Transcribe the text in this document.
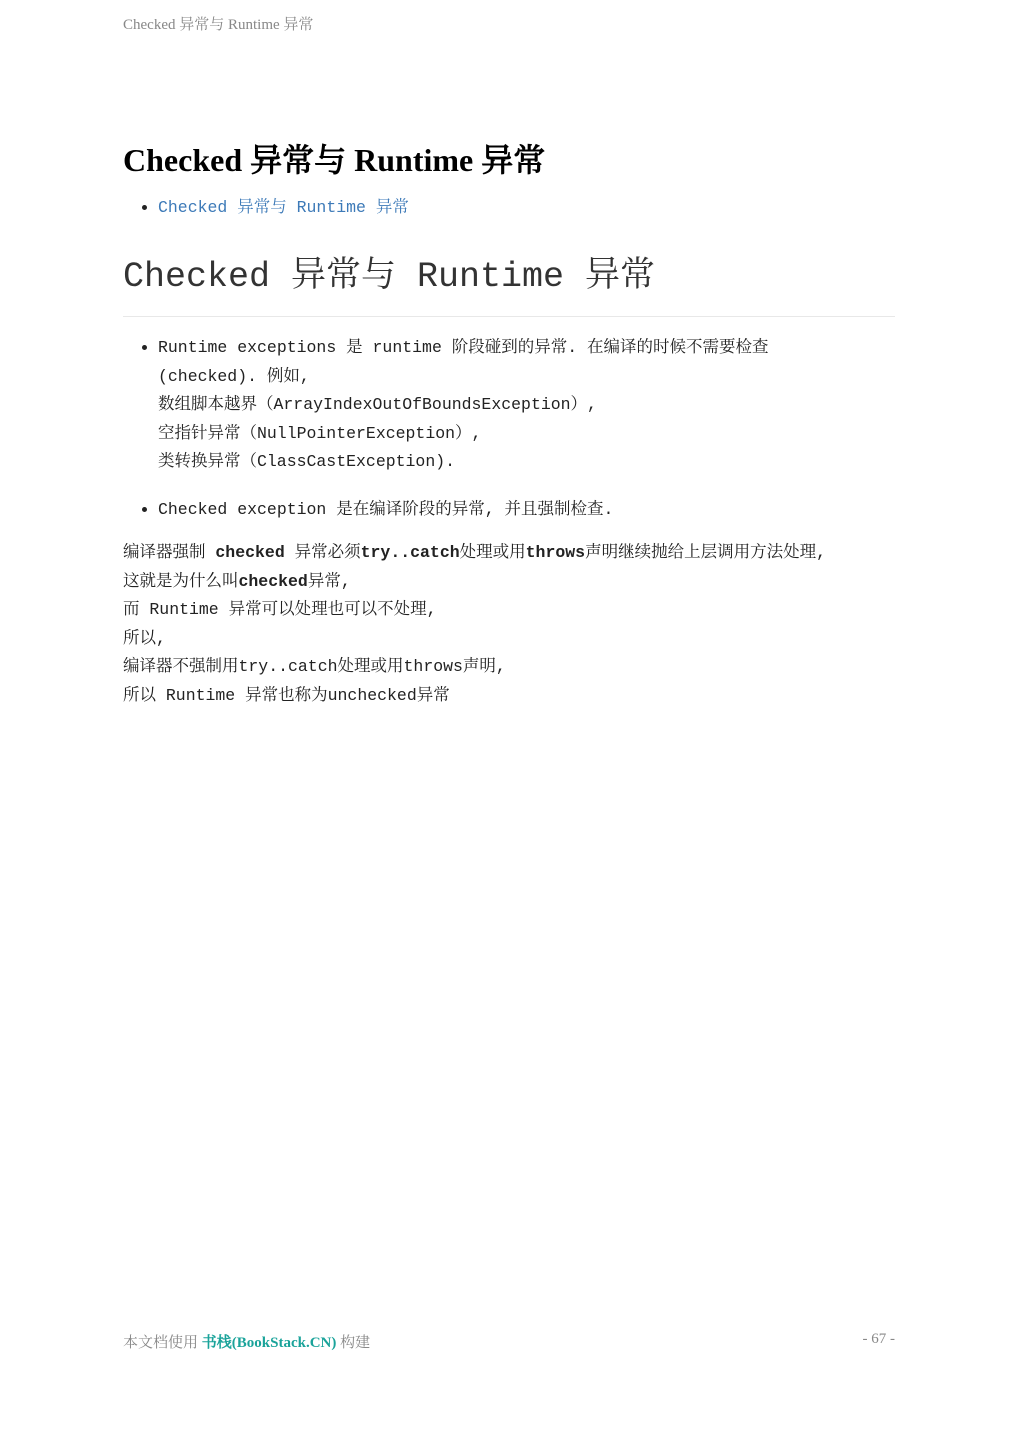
Checked 异常与 Runtime 异常
Checked 异常与 Runtime 异常
• Checked 异常与 Runtime 异常
Checked 异常与 Runtime 异常
• Runtime exceptions 是 runtime 阶段碰到的异常. 在编译的时候不需要检查
(checked). 例如,
数组脚本越界（ArrayIndexOutOfBoundsException）,
空指针异常（NullPointerException）,
类转换异常（ClassCastException).
• Checked exception 是在编译阶段的异常, 并且强制检查.
编译器强制 checked 异常必须try..catch处理或用throws声明继续抛给上层调用方法处理,
这就是为什么叫checked异常,
而 Runtime 异常可以处理也可以不处理,
所以,
编译器不强制用try..catch处理或用throws声明,
所以 Runtime 异常也称为unchecked异常
本文档使用 书栈(BookStack.CN) 构建	- 67 -
